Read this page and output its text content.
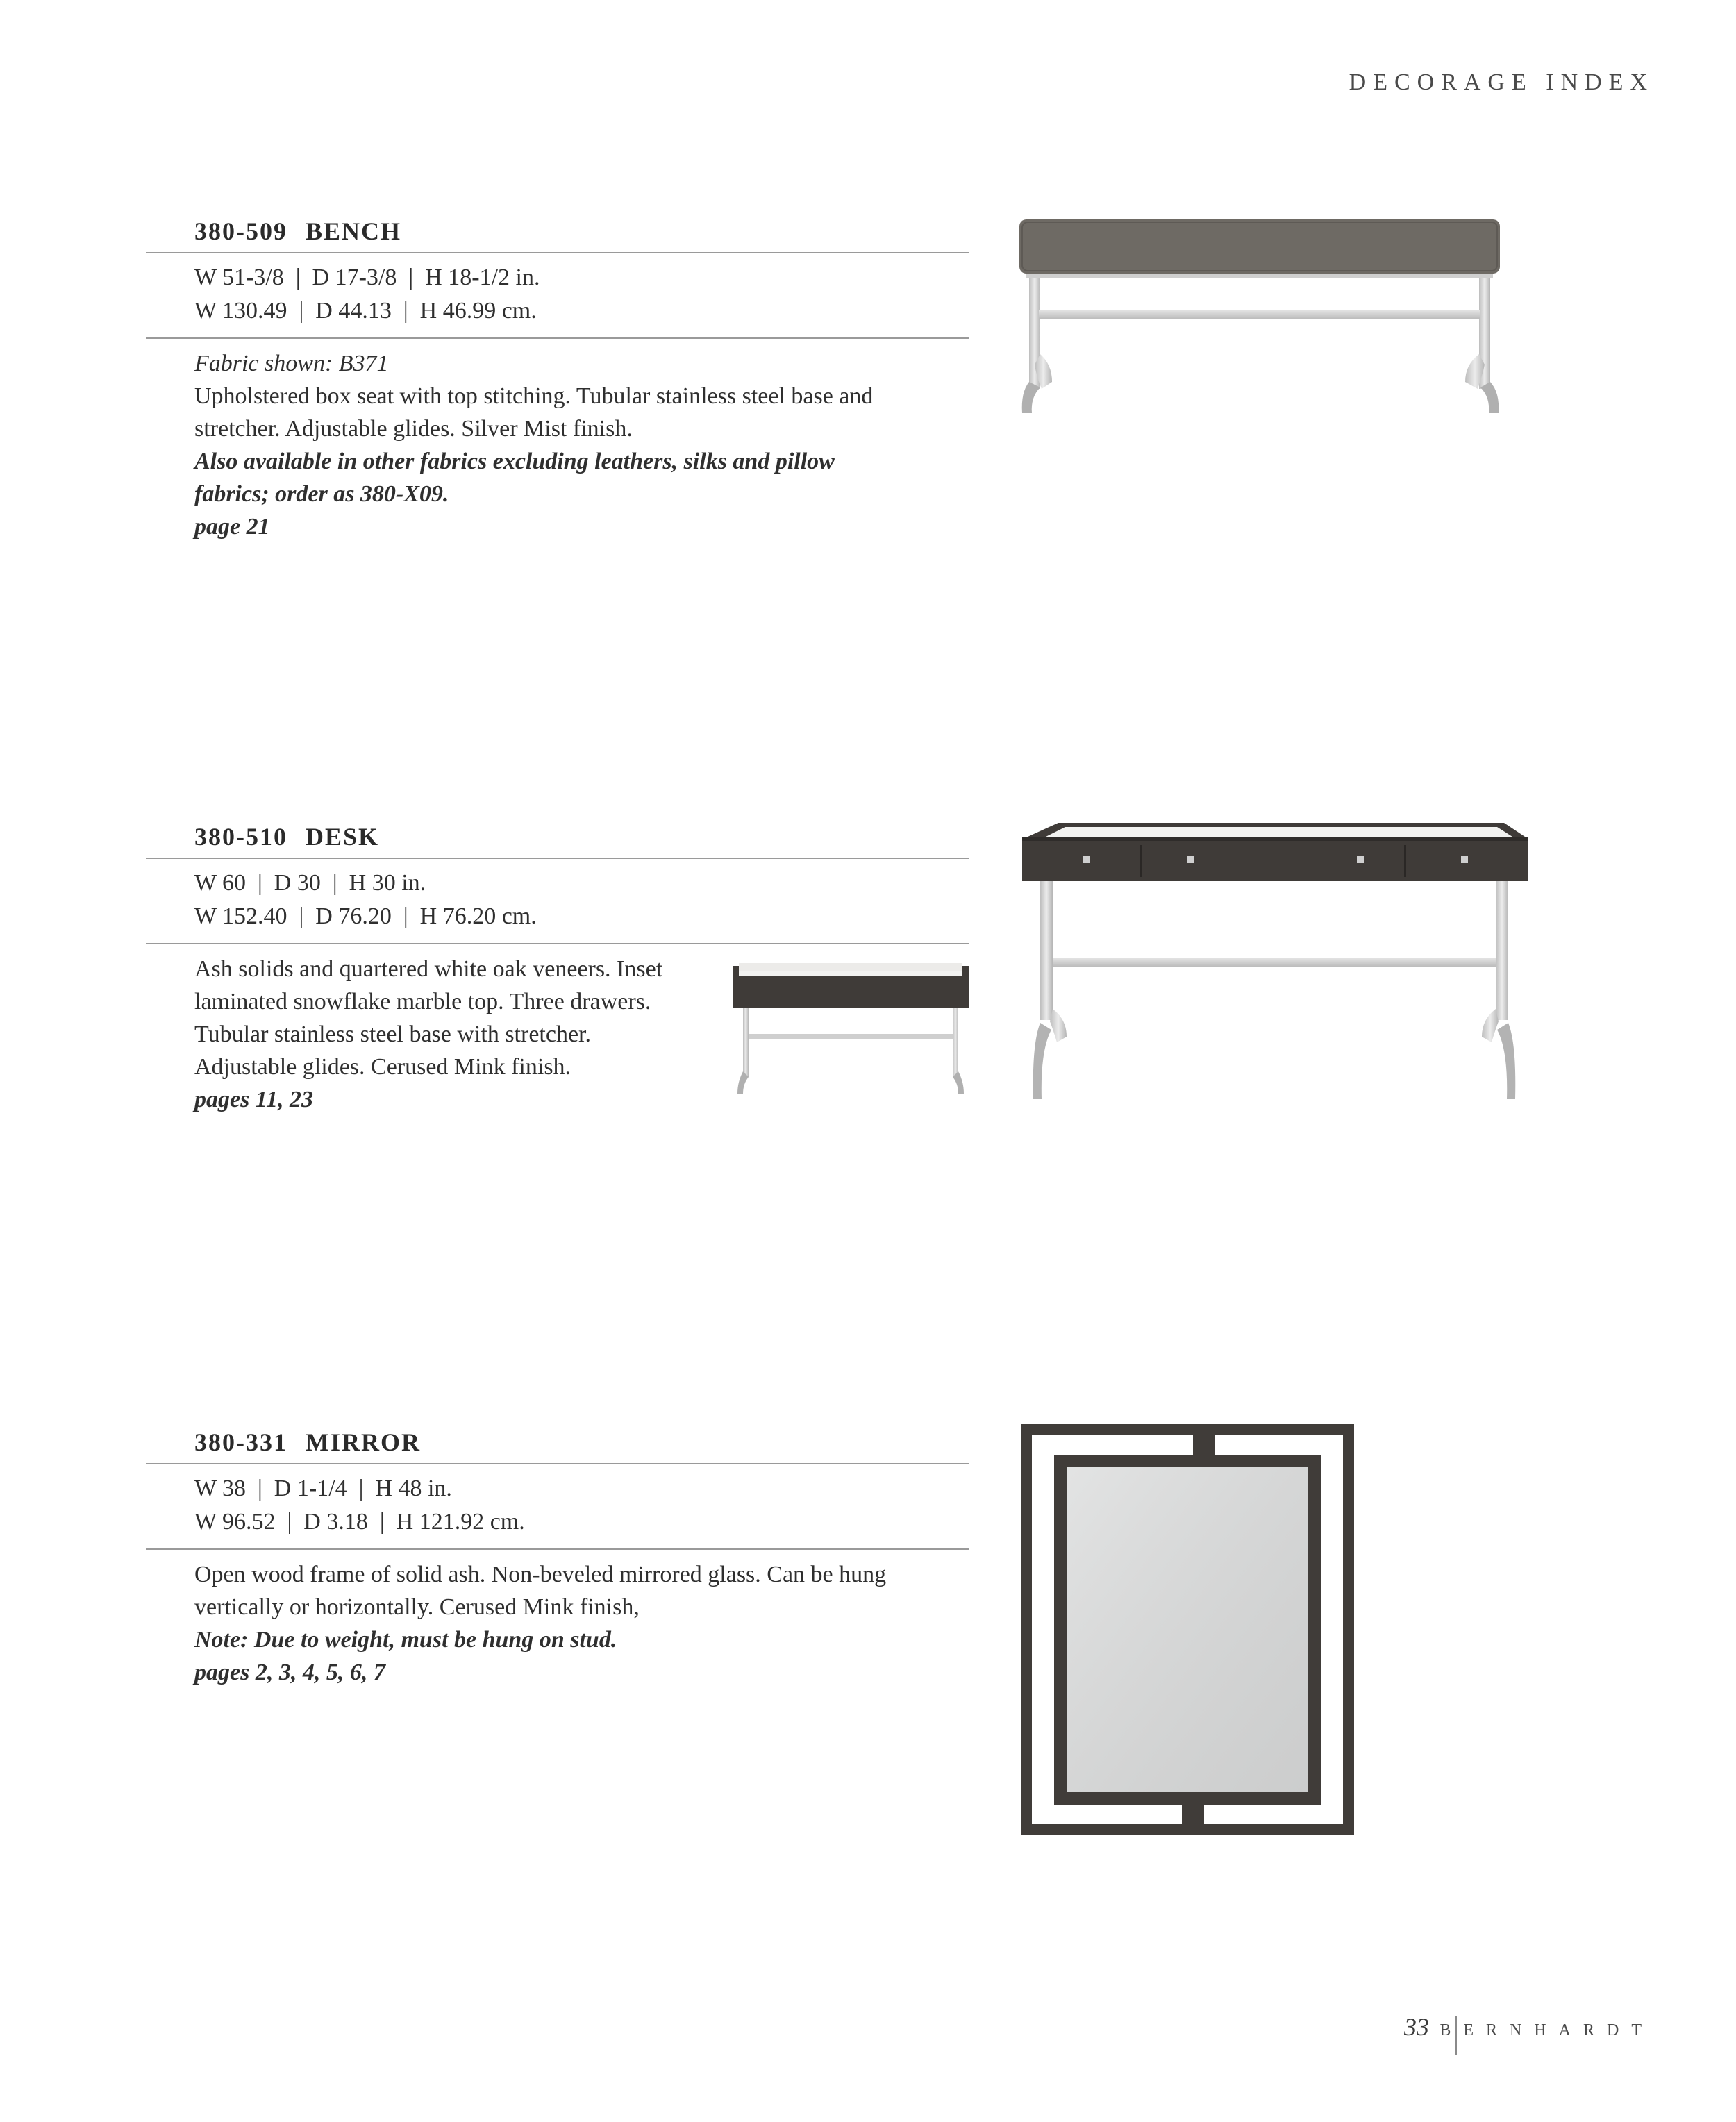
DECORAGE INDEX
380-509 BENCH
W 51-3/8  |  D 17-3/8  |  H 18-1/2 in.
W 130.49  |  D 44.13  |  H 46.99 cm.
Fabric shown: B371
Upholstered box seat with top stitching. Tubular stainless steel base and
stretcher. Adjustable glides. Silver Mist finish.
Also available in other fabrics excluding leathers, silks and pillow
fabrics; order as 380-X09.
page 21
380-510 DESK
W 60  |  D 30  |  H 30 in.
W 152.40  |  D 76.20  |  H 76.20 cm.
Ash solids and quartered white oak veneers. Inset
laminated snowflake marble top. Three drawers.
Tubular stainless steel base with stretcher.
Adjustable glides. Cerused Mink finish.
pages 11, 23
380-331 MIRROR
W 38  |  D 1-1/4  |  H 48 in.
W 96.52  |  D 3.18  |  H 121.92 cm.
Open wood frame of solid ash. Non-beveled mirrored glass. Can be hung
vertically or horizontally. Cerused Mink finish,
Note: Due to weight, must be hung on stud.
pages 2, 3, 4, 5, 6, 7
33 BERNHARDT
